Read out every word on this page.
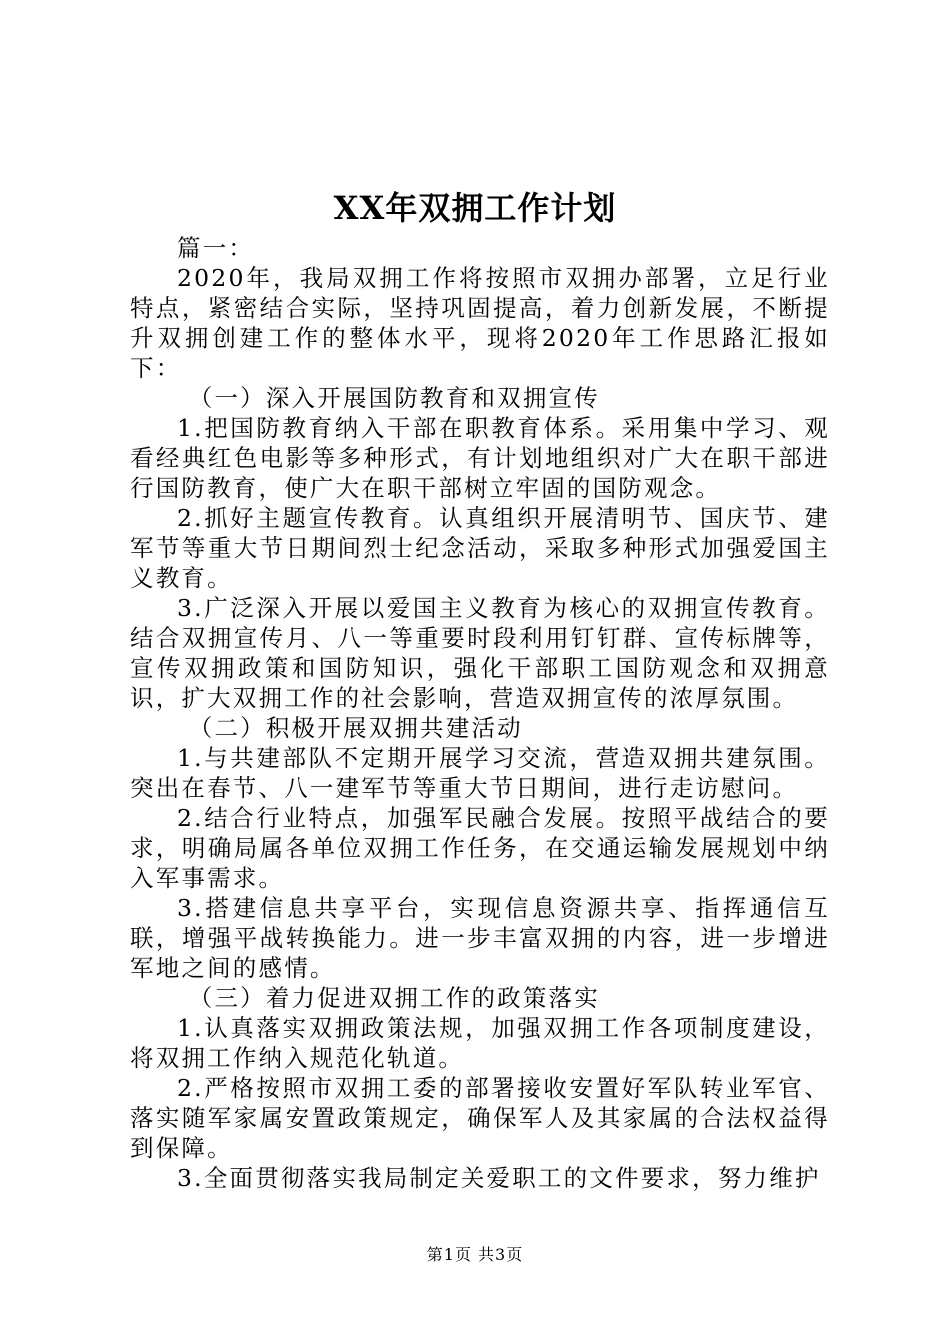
XX年双拥工作计划

篇一：

2020年，我局双拥工作将按照市双拥办部署，立足行业特点，紧密结合实际，坚持巩固提高，着力创新发展，不断提升双拥创建工作的整体水平，现将2020年工作思路汇报如下：

（一）深入开展国防教育和双拥宣传

1.把国防教育纳入干部在职教育体系。采用集中学习、观看经典红色电影等多种形式，有计划地组织对广大在职干部进行国防教育，使广大在职干部树立牢固的国防观念。

2.抓好主题宣传教育。认真组织开展清明节、国庆节、建军节等重大节日期间烈士纪念活动，采取多种形式加强爱国主义教育。

3.广泛深入开展以爱国主义教育为核心的双拥宣传教育。结合双拥宣传月、八一等重要时段利用钉钉群、宣传标牌等，宣传双拥政策和国防知识，强化干部职工国防观念和双拥意识，扩大双拥工作的社会影响，营造双拥宣传的浓厚氛围。

（二）积极开展双拥共建活动

1.与共建部队不定期开展学习交流，营造双拥共建氛围。突出在春节、八一建军节等重大节日期间，进行走访慰问。

2.结合行业特点，加强军民融合发展。按照平战结合的要求，明确局属各单位双拥工作任务，在交通运输发展规划中纳入军事需求。

3.搭建信息共享平台，实现信息资源共享、指挥通信互联，增强平战转换能力。进一步丰富双拥的内容，进一步增进军地之间的感情。

（三）着力促进双拥工作的政策落实

1.认真落实双拥政策法规，加强双拥工作各项制度建设，将双拥工作纳入规范化轨道。

2.严格按照市双拥工委的部署接收安置好军队转业军官、落实随军家属安置政策规定，确保军人及其家属的合法权益得到保障。

3.全面贯彻落实我局制定关爱职工的文件要求，努力维护

第1页 共3页
